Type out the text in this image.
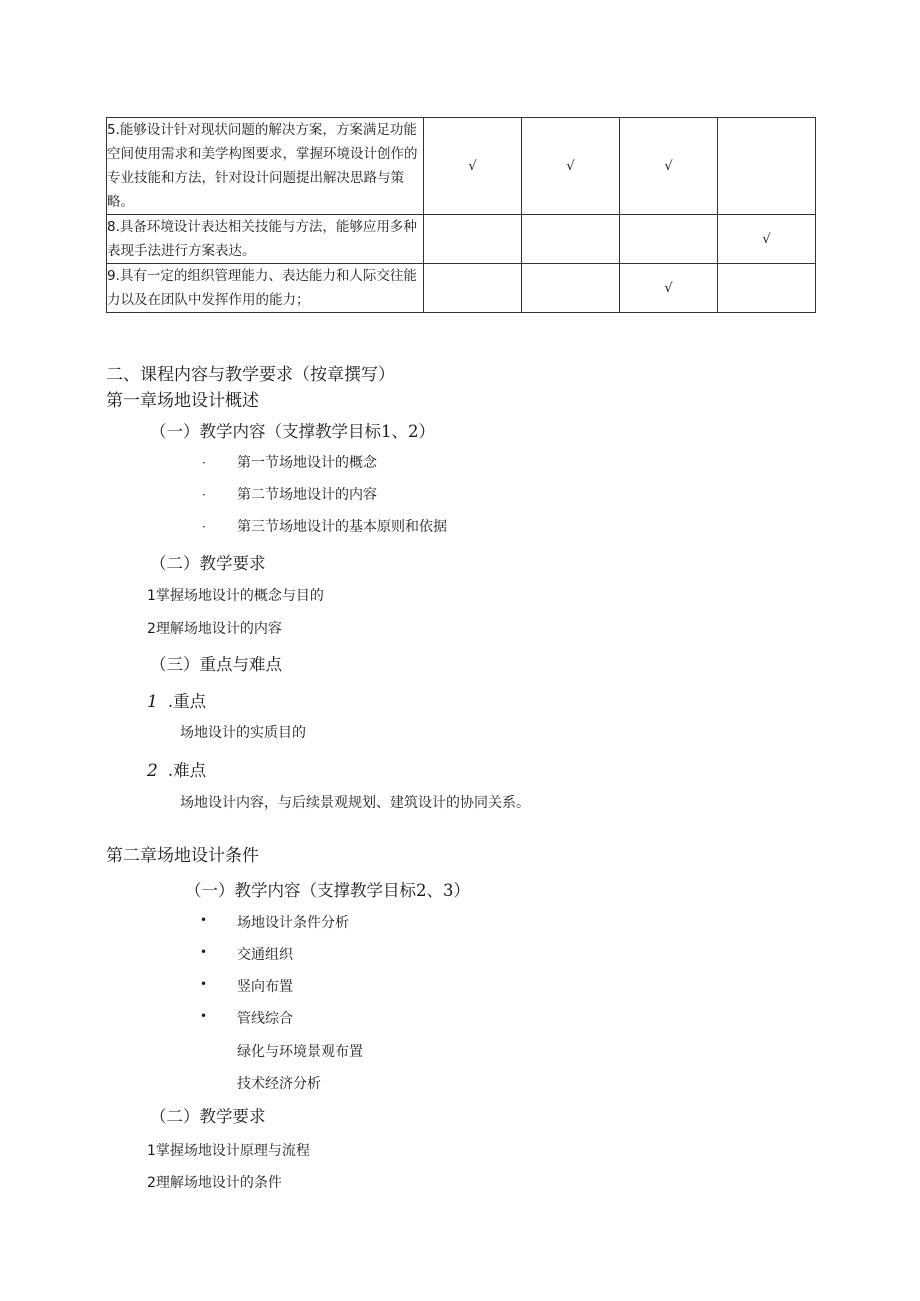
5.能够设计针对现状问题的解决方案，方案满足功能空间使用需求和美学构图要求，掌握环境设计创作的专业技能和方法，针对设计问题提出解决思路与策略。	√	√	√	
8.具备环境设计表达相关技能与方法，能够应用多种表现手法进行方案表达。				√
9.具有一定的组织管理能力、表达能力和人际交往能力以及在团队中发挥作用的能力；			√	
二、课程内容与教学要求（按章撰写）
第一章场地设计概述
（一）教学内容（支撑教学目标1、2）
· 第一节场地设计的概念
· 第二节场地设计的内容
· 第三节场地设计的基本原则和依据
（二）教学要求
1掌握场地设计的概念与目的
2理解场地设计的内容
（三）重点与难点
1 .重点
场地设计的实质目的
2 .难点
场地设计内容，与后续景观规划、建筑设计的协同关系。
第二章场地设计条件
（一）教学内容（支撑教学目标2、3）
• 场地设计条件分析
• 交通组织
• 竖向布置
• 管线综合
绿化与环境景观布置
技术经济分析
（二）教学要求
1掌握场地设计原理与流程
2理解场地设计的条件
